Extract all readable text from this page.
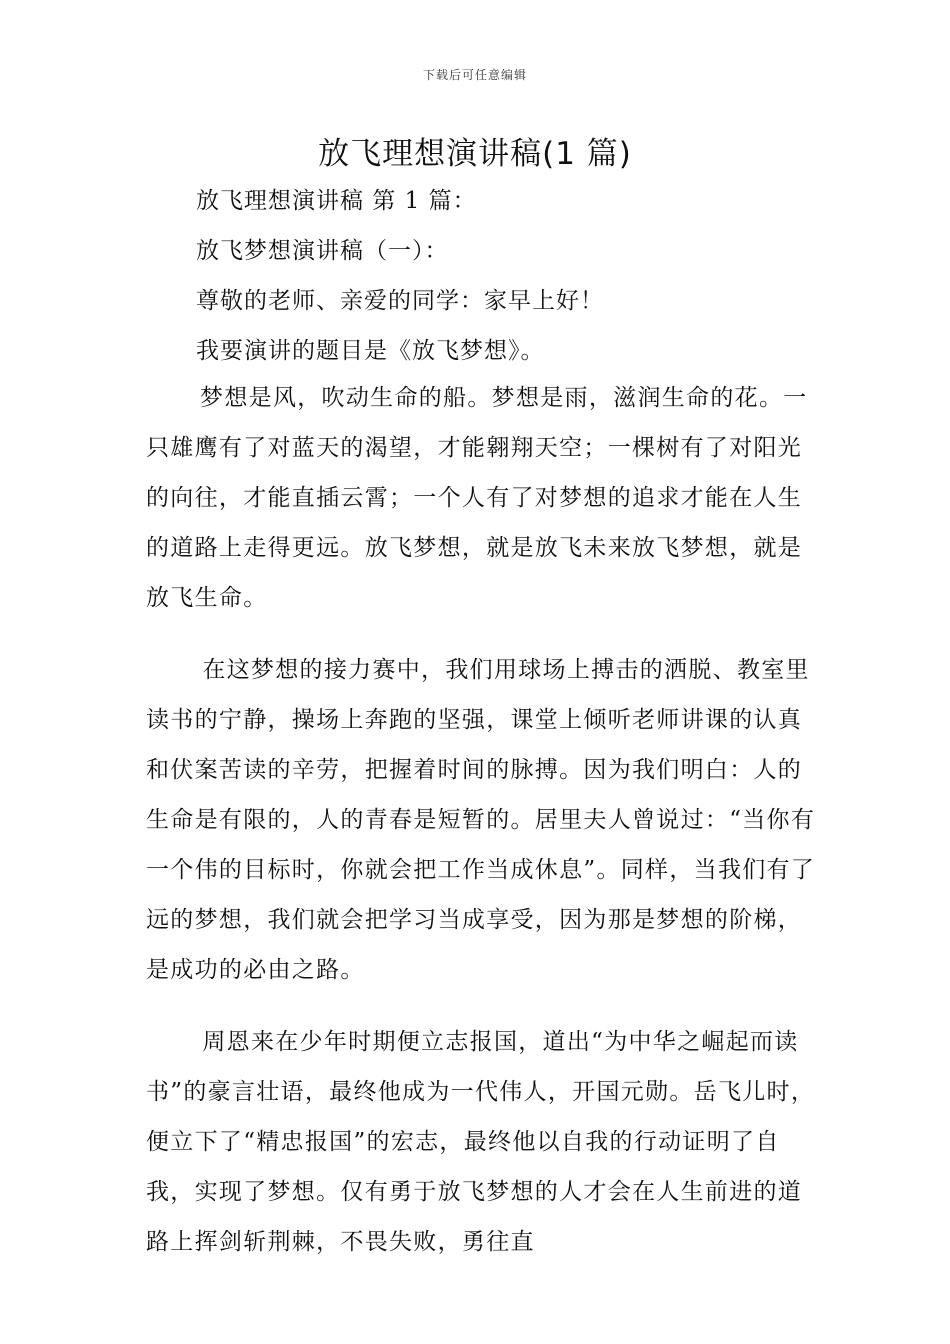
下载后可任意编辑
放飞理想演讲稿(1 篇)
放飞理想演讲稿 第 1 篇：
放飞梦想演讲稿（一）：
尊敬的老师、亲爱的同学：家早上好！
我要演讲的题目是《放飞梦想》。

梦想是风，吹动生命的船。梦想是雨，滋润生命的花。一只雄鹰有了对蓝天的渴望，才能翱翔天空；一棵树有了对阳光的向往，才能直插云霄；一个人有了对梦想的追求才能在人生的道路上走得更远。放飞梦想，就是放飞未来放飞梦想，就是放飞生命。

在这梦想的接力赛中，我们用球场上搏击的洒脱、教室里读书的宁静，操场上奔跑的坚强，课堂上倾听老师讲课的认真和伏案苦读的辛劳，把握着时间的脉搏。因为我们明白：人的生命是有限的，人的青春是短暂的。居里夫人曾说过：“当你有一个伟的目标时，你就会把工作当成休息”。同样，当我们有了远的梦想，我们就会把学习当成享受，因为那是梦想的阶梯，是成功的必由之路。

周恩来在少年时期便立志报国，道出“为中华之崛起而读书”的豪言壮语，最终他成为一代伟人，开国元勋。岳飞儿时，便立下了“精忠报国”的宏志，最终他以自我的行动证明了自我，实现了梦想。仅有勇于放飞梦想的人才会在人生前进的道路上挥剑斩荆棘，不畏失败，勇往直
